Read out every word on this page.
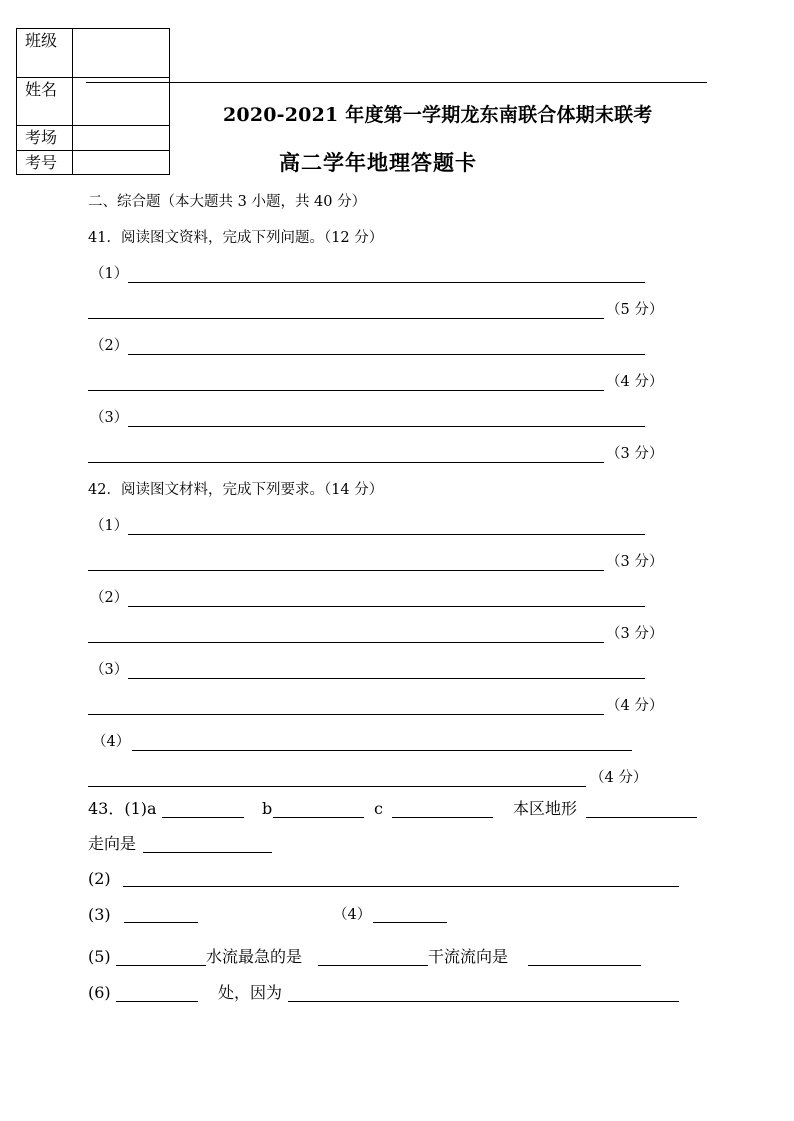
班级
姓名
考场
考号
2020-2021 年度第一学期龙东南联合体期末联考
高二学年地理答题卡
二、综合题（本大题共 3 小题，共 40 分）
41．阅读图文资料，完成下列问题。（12 分）
（1）
（5 分）
（2）
（4 分）
（3）
（3 分）
42．阅读图文材料，完成下列要求。（14 分）
（1）
（3 分）
（2）
（3 分）
（3）
（4 分）
（4）
（4 分）
43．(1)a	b	c	本区地形
走向是
(2)
(3)	（4）
(5)	水流最急的是	干流流向是
(6)	处，因为
